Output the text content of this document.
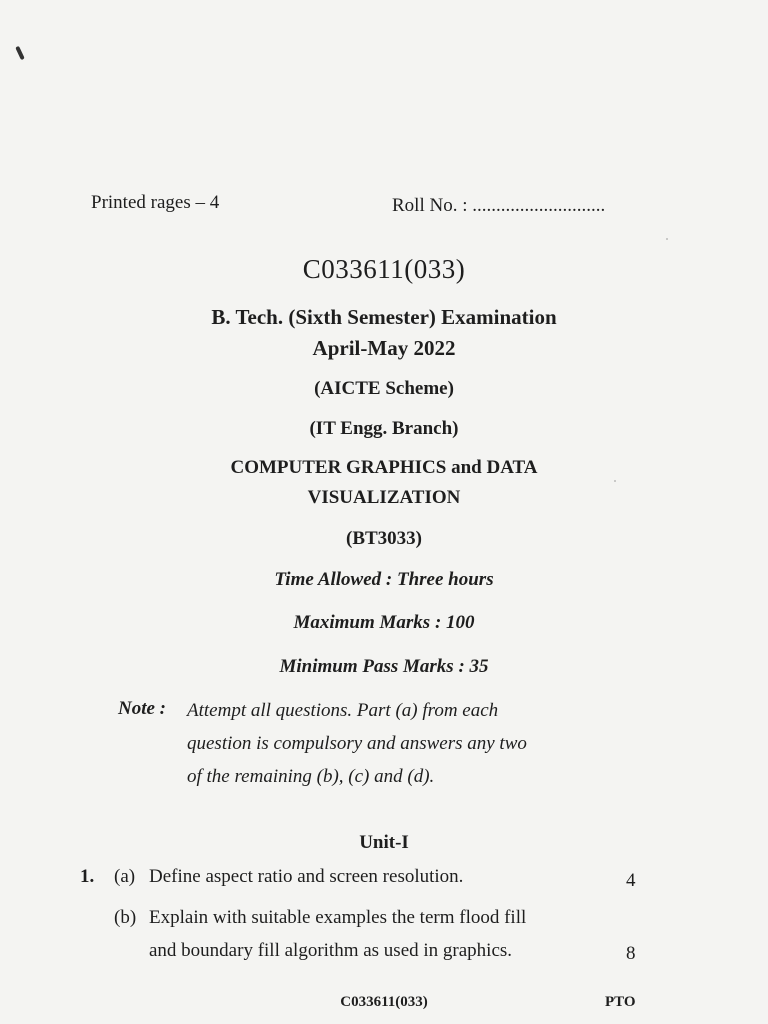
Printed rages – 4	Roll No. : ............................
C033611(033)
B. Tech. (Sixth Semester) Examination
April-May 2022
(AICTE Scheme)
(IT Engg. Branch)
COMPUTER GRAPHICS and DATA
VISUALIZATION
(BT3033)
Time Allowed : Three hours
Maximum Marks : 100
Minimum Pass Marks : 35
Note : Attempt all questions. Part (a) from each
question is compulsory and answers any two
of the remaining (b), (c) and (d).
Unit-I
1. (a) Define aspect ratio and screen resolution.	4
(b) Explain with suitable examples the term flood fill
and boundary fill algorithm as used in graphics.	8
C033611(033)	PTO
